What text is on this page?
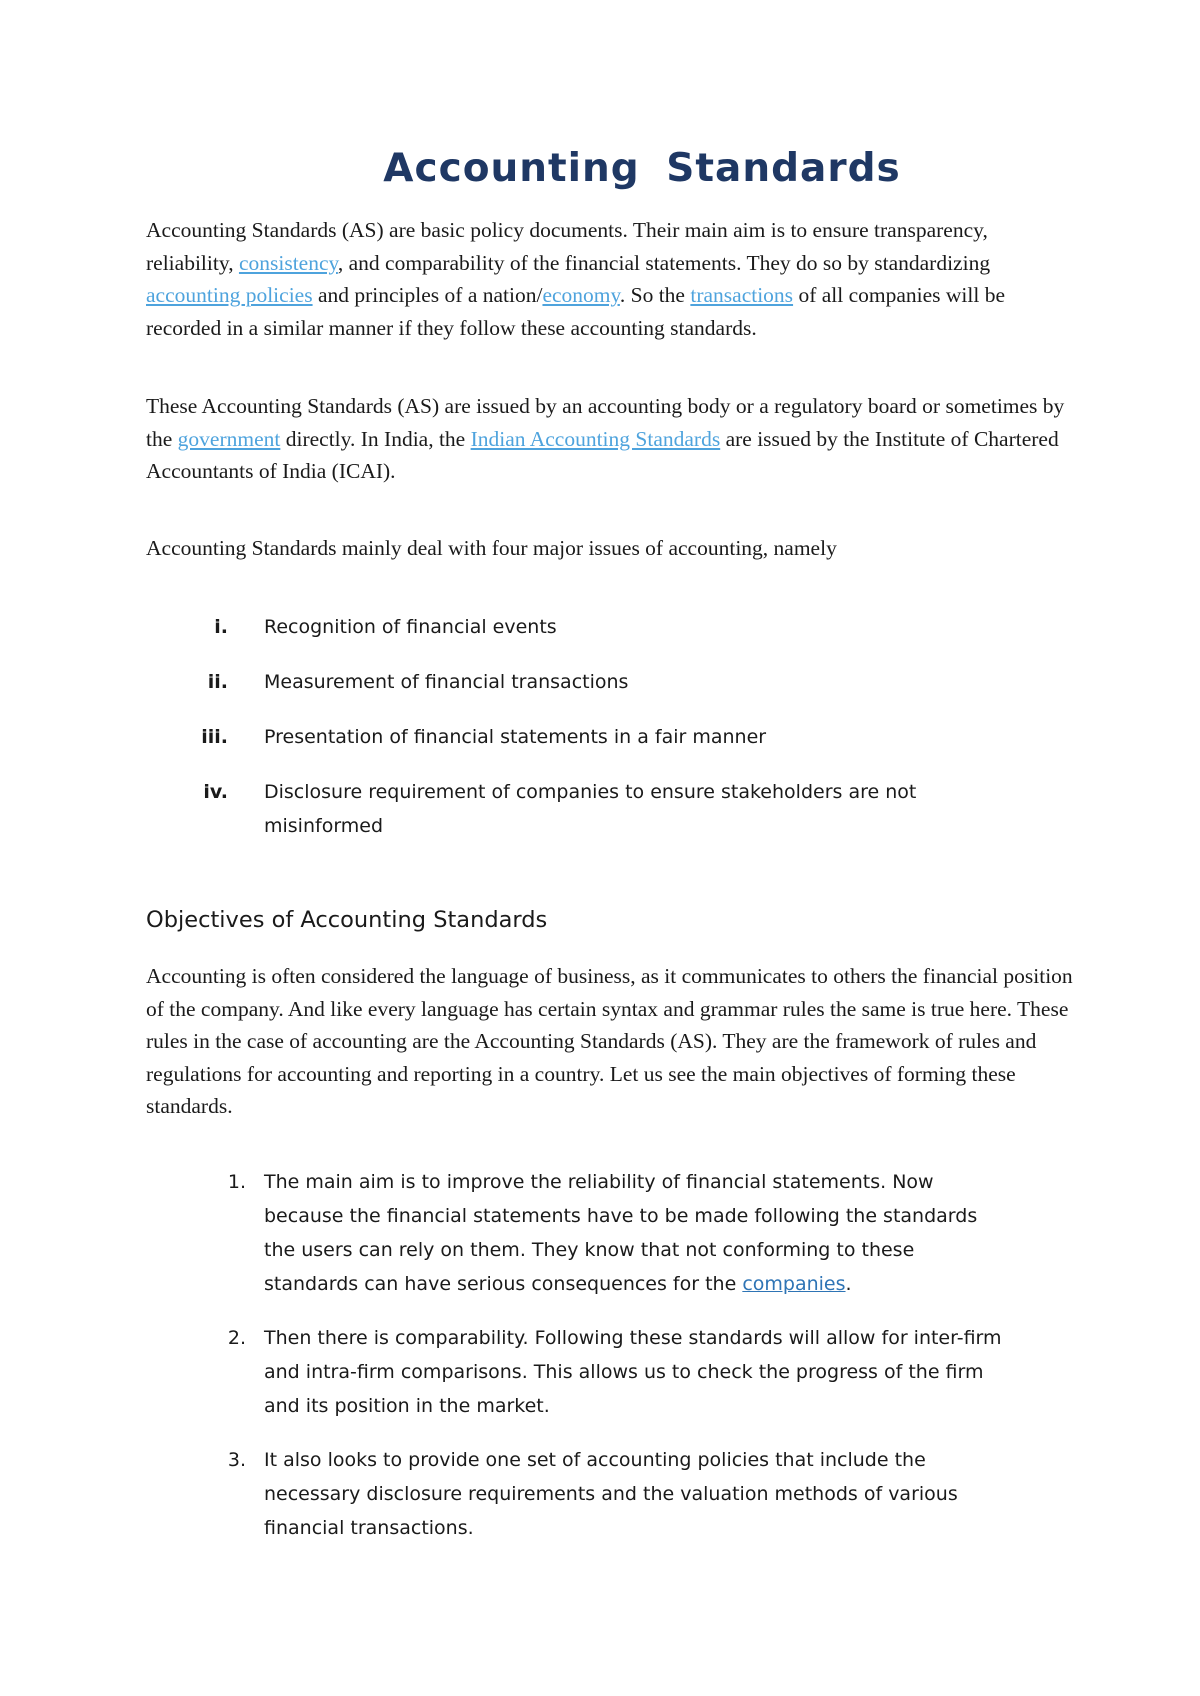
Accounting Standards

Accounting Standards (AS) are basic policy documents. Their main aim is to ensure transparency, reliability, consistency, and comparability of the financial statements. They do so by standardizing accounting policies and principles of a nation/economy. So the transactions of all companies will be recorded in a similar manner if they follow these accounting standards.

These Accounting Standards (AS) are issued by an accounting body or a regulatory board or sometimes by the government directly. In India, the Indian Accounting Standards are issued by the Institute of Chartered Accountants of India (ICAI).

Accounting Standards mainly deal with four major issues of accounting, namely

i. Recognition of financial events
ii. Measurement of financial transactions
iii. Presentation of financial statements in a fair manner
iv. Disclosure requirement of companies to ensure stakeholders are not misinformed
Objectives of Accounting Standards

Accounting is often considered the language of business, as it communicates to others the financial position of the company. And like every language has certain syntax and grammar rules the same is true here. These rules in the case of accounting are the Accounting Standards (AS). They are the framework of rules and regulations for accounting and reporting in a country. Let us see the main objectives of forming these standards.

1. The main aim is to improve the reliability of financial statements. Now because the financial statements have to be made following the standards the users can rely on them. They know that not conforming to these standards can have serious consequences for the companies.
2. Then there is comparability. Following these standards will allow for inter-firm and intra-firm comparisons. This allows us to check the progress of the firm and its position in the market.
3. It also looks to provide one set of accounting policies that include the necessary disclosure requirements and the valuation methods of various financial transactions.
